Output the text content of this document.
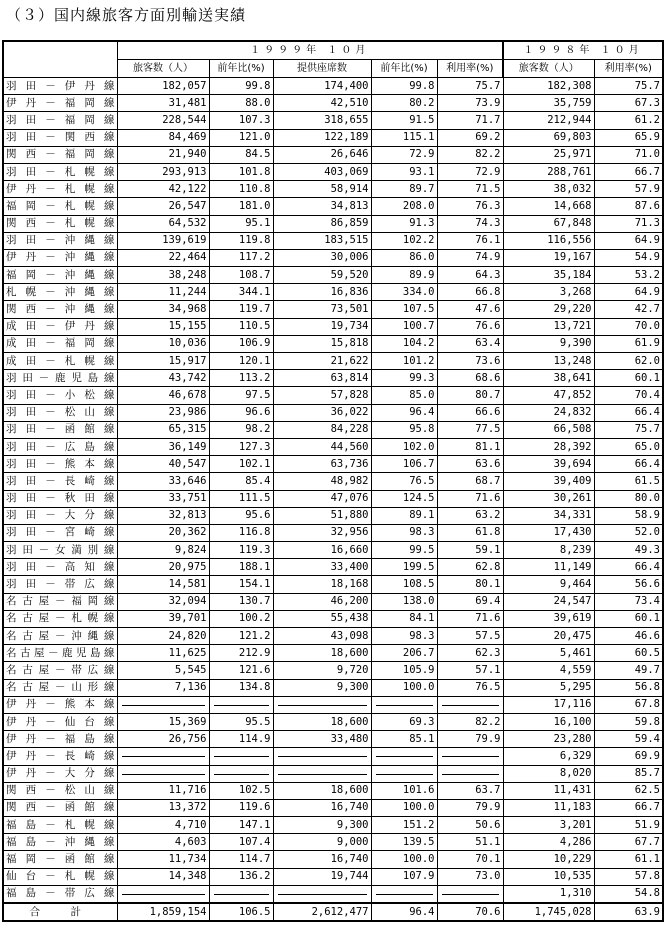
（３）国内線旅客方面別輸送実績
	１９９９年 １０月					１９９８年 １０月	
	旅客数（人）	前年比(%)	提供座席数	前年比(%)	利用率(%)	旅客数（人）	利用率(%)
羽田－伊丹線	182,057	99.8	174,400	99.8	75.7	182,308	75.7
伊丹－福岡線	31,481	88.0	42,510	80.2	73.9	35,759	67.3
羽田－福岡線	228,544	107.3	318,655	91.5	71.7	212,944	61.2
羽田－関西線	84,469	121.0	122,189	115.1	69.2	69,803	65.9
関西－福岡線	21,940	84.5	26,646	72.9	82.2	25,971	71.0
羽田－札幌線	293,913	101.8	403,069	93.1	72.9	288,761	66.7
伊丹－札幌線	42,122	110.8	58,914	89.7	71.5	38,032	57.9
福岡－札幌線	26,547	181.0	34,813	208.0	76.3	14,668	87.6
関西－札幌線	64,532	95.1	86,859	91.3	74.3	67,848	71.3
羽田－沖縄線	139,619	119.8	183,515	102.2	76.1	116,556	64.9
伊丹－沖縄線	22,464	117.2	30,006	86.0	74.9	19,167	54.9
福岡－沖縄線	38,248	108.7	59,520	89.9	64.3	35,184	53.2
札幌－沖縄線	11,244	344.1	16,836	334.0	66.8	3,268	64.9
関西－沖縄線	34,968	119.7	73,501	107.5	47.6	29,220	42.7
成田－伊丹線	15,155	110.5	19,734	100.7	76.6	13,721	70.0
成田－福岡線	10,036	106.9	15,818	104.2	63.4	9,390	61.9
成田－札幌線	15,917	120.1	21,622	101.2	73.6	13,248	62.0
羽田－鹿児島線	43,742	113.2	63,814	99.3	68.6	38,641	60.1
羽田－小松線	46,678	97.5	57,828	85.0	80.7	47,852	70.4
羽田－松山線	23,986	96.6	36,022	96.4	66.6	24,832	66.4
羽田－函館線	65,315	98.2	84,228	95.8	77.5	66,508	75.7
羽田－広島線	36,149	127.3	44,560	102.0	81.1	28,392	65.0
羽田－熊本線	40,547	102.1	63,736	106.7	63.6	39,694	66.4
羽田－長崎線	33,646	85.4	48,982	76.5	68.7	39,409	61.5
羽田－秋田線	33,751	111.5	47,076	124.5	71.6	30,261	80.0
羽田－大分線	32,813	95.6	51,880	89.1	63.2	34,331	58.9
羽田－宮崎線	20,362	116.8	32,956	98.3	61.8	17,430	52.0
羽田－女満別線	9,824	119.3	16,660	99.5	59.1	8,239	49.3
羽田－高知線	20,975	188.1	33,400	199.5	62.8	11,149	66.4
羽田－帯広線	14,581	154.1	18,168	108.5	80.1	9,464	56.6
名古屋－福岡線	32,094	130.7	46,200	138.0	69.4	24,547	73.4
名古屋－札幌線	39,701	100.2	55,438	84.1	71.6	39,619	60.1
名古屋－沖縄線	24,820	121.2	43,098	98.3	57.5	20,475	46.6
名古屋－鹿児島線	11,625	212.9	18,600	206.7	62.3	5,461	60.5
名古屋－帯広線	5,545	121.6	9,720	105.9	57.1	4,559	49.7
名古屋－山形線	7,136	134.8	9,300	100.0	76.5	5,295	56.8
伊丹－熊本線						17,116	67.8
伊丹－仙台線	15,369	95.5	18,600	69.3	82.2	16,100	59.8
伊丹－福島線	26,756	114.9	33,480	85.1	79.9	23,280	59.4
伊丹－長崎線						6,329	69.9
伊丹－大分線						8,020	85.7
関西－松山線	11,716	102.5	18,600	101.6	63.7	11,431	62.5
関西－函館線	13,372	119.6	16,740	100.0	79.9	11,183	66.7
福島－札幌線	4,710	147.1	9,300	151.2	50.6	3,201	51.9
福島－沖縄線	4,603	107.4	9,000	139.5	51.1	4,286	67.7
福岡－函館線	11,734	114.7	16,740	100.0	70.1	10,229	61.1
仙台－札幌線	14,348	136.2	19,744	107.9	73.0	10,535	57.8
福島－帯広線						1,310	54.8
合　計	1,859,154	106.5	2,612,477	96.4	70.6	1,745,028	63.9
